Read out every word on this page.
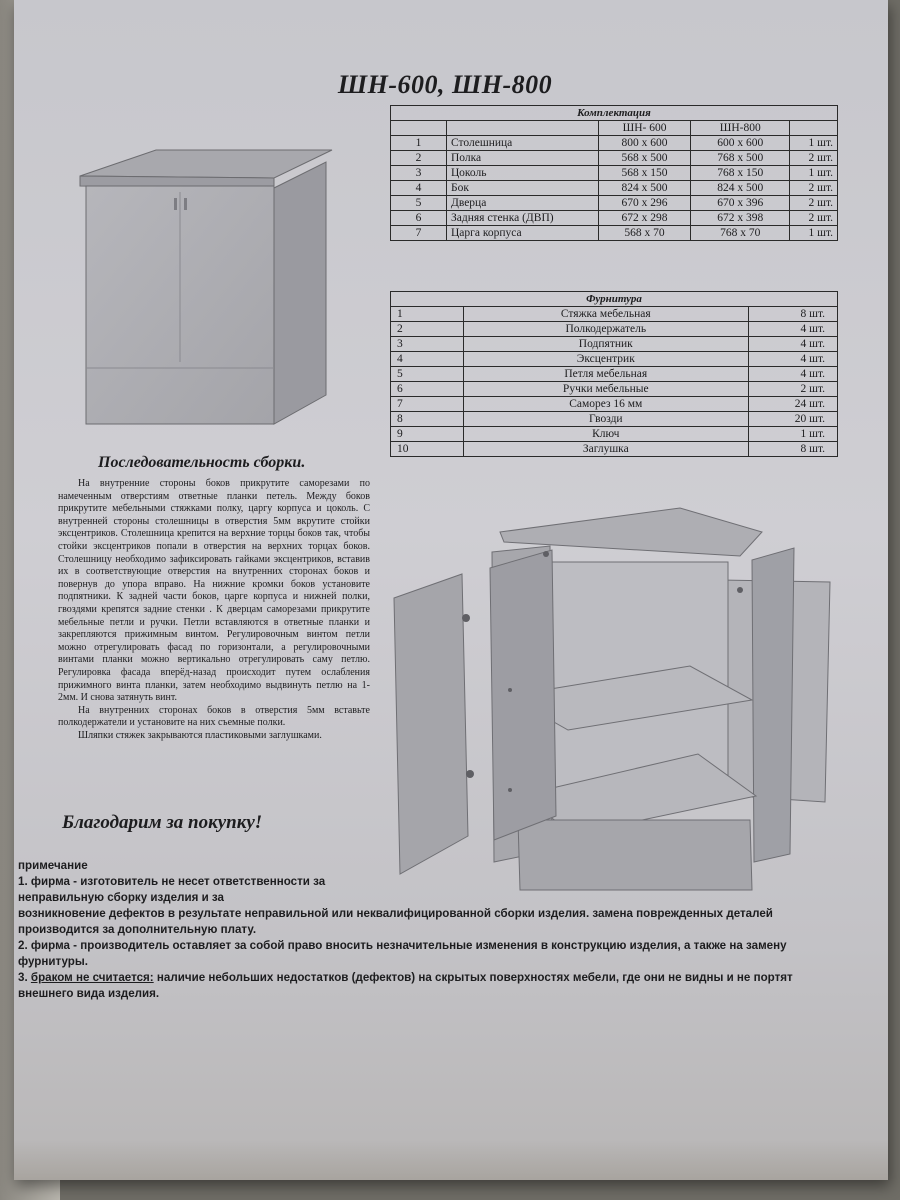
ШН-600, ШН-800
Комплектация				
		ШН- 600	ШН-800	
1	Столешница	800 x 600	600 x 600	1 шт.
2	Полка	568 x 500	768 x 500	2 шт.
3	Цоколь	568 x 150	768 x 150	1 шт.
4	Бок	824 x 500	824 x 500	2 шт.
5	Дверца	670 x 296	670 x 396	2 шт.
6	Задняя стенка (ДВП)	672 x 298	672 x 398	2 шт.
7	Царга корпуса	568 x 70	768 x 70	1 шт.
Фурнитура		
1	Стяжка мебельная	8 шт.
2	Полкодержатель	4 шт.
3	Подпятник	4 шт.
4	Эксцентрик	4 шт.
5	Петля мебельная	4 шт.
6	Ручки мебельные	2 шт.
7	Саморез 16 мм	24 шт.
8	Гвозди	20 шт.
9	Ключ	1 шт.
10	Заглушка	8 шт.
Последовательность сборки.

На внутренние стороны боков прикрутите саморезами по намеченным отверстиям ответные планки петель. Между боков прикрутите мебельными стяжками полку, царгу корпуса и цоколь. С внутренней стороны столешницы в отверстия 5мм вкрутите стойки эксцентриков. Столешница крепится на верхние торцы боков так, чтобы стойки эксцентриков попали в отверстия на верхних торцах боков. Столешницу необходимо зафиксировать гайками эксцентриков, вставив их в соответствующие отверстия на внутренних сторонах боков и повернув до упора вправо. На нижние кромки боков установите подпятники. К задней части боков, царге корпуса и нижней полки, гвоздями крепятся задние стенки . К дверцам саморезами прикрутите мебельные петли и ручки. Петли вставляются в ответные планки и закрепляются прижимным винтом. Регулировочным винтом петли можно отрегулировать фасад по горизонтали, а регулировочными винтами планки можно вертикально отрегулировать саму петлю. Регулировка фасада вперёд-назад происходит путем ослабления прижимного винта планки, затем необходимо выдвинуть петлю на 1-2мм. И снова затянуть винт.

На внутренних сторонах боков в отверстия 5мм вставьте полкодержатели и установите на них съемные полки.

Шляпки стяжек закрываются пластиковыми заглушками.

Благодарим за покупку!
примечание
1. фирма - изготовитель не несет ответственности за неправильную сборку изделия и за
возникновение дефектов в результате неправильной или неквалифицированной сборки изделия. замена поврежденных деталей производится за дополнительную плату.
2. фирма - производитель оставляет за собой право вносить незначительные изменения в конструкцию изделия, а также на замену фурнитуры.
3. браком не считается: наличие небольших недостатков (дефектов) на скрытых поверхностях мебели, где они не видны и не портят внешнего вида изделия.
